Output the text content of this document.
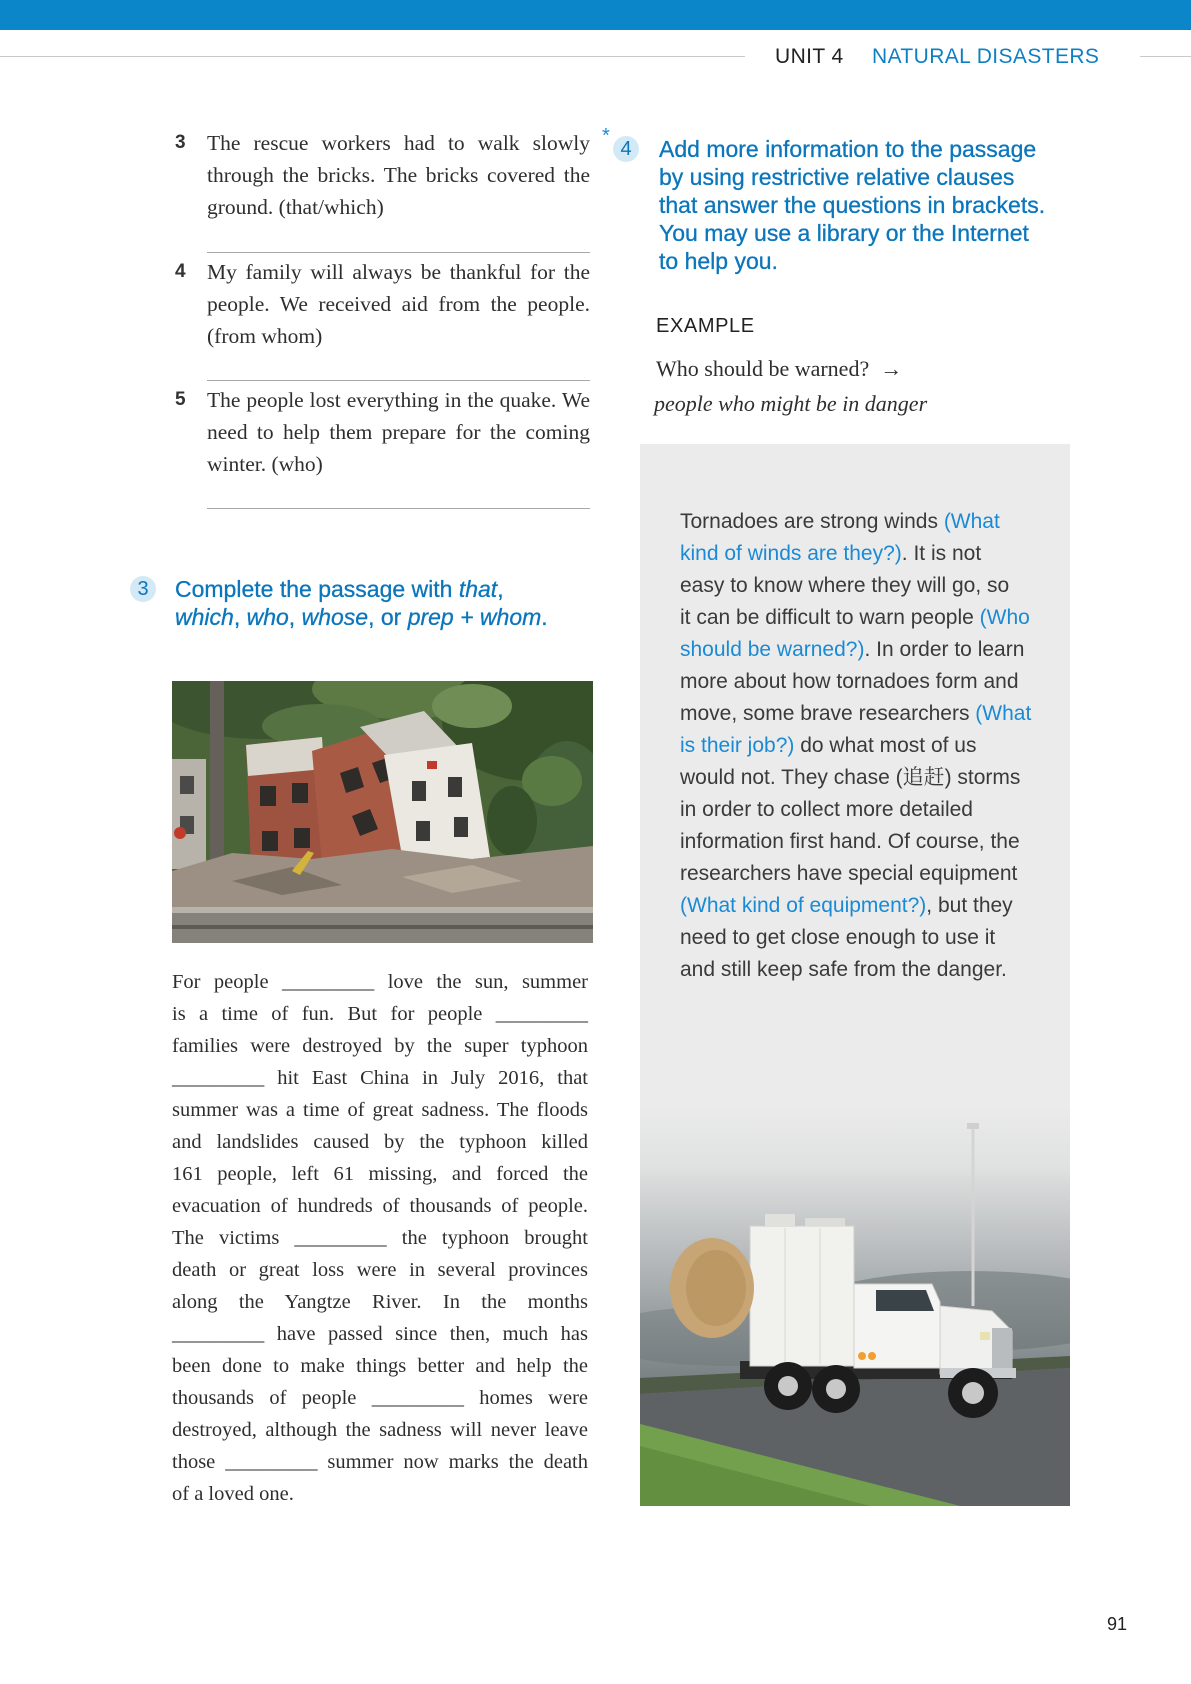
UNIT 4 NATURAL DISASTERS
3 The rescue workers had to walk slowly
through the bricks. The bricks covered the
ground. (that/which)
4 My family will always be thankful for the
people. We received aid from the people.
(from whom)
5 The people lost everything in the quake. We
need to help them prepare for the coming
winter. (who)
3	Complete the passage with that,
which, who, whose, or prep + whom.
For people _________ love the sun, summer
is a time of fun. But for people _________
families were destroyed by the super typhoon
_________ hit East China in July 2016, that
summer was a time of great sadness. The floods
and landslides caused by the typhoon killed
161 people, left 61 missing, and forced the
evacuation of hundreds of thousands of people.
The victims _________ the typhoon brought
death or great loss were in several provinces
along the Yangtze River. In the months
_________ have passed since then, much has
been done to make things better and help the
thousands of people _________ homes were
destroyed, although the sadness will never leave
those _________ summer now marks the death
of a loved one.
*
4	Add more information to the passage
by using restrictive relative clauses
that answer the questions in brackets.
You may use a library or the Internet
to help you.
EXAMPLE
Who should be warned? →
people who might be in danger
Tornadoes are strong winds (What
kind of winds are they?). It is not
easy to know where they will go, so
it can be difficult to warn people (Who
should be warned?). In order to learn
more about how tornadoes form and
move, some brave researchers (What
is their job?) do what most of us
would not. They chase (追赶) storms
in order to collect more detailed
information first hand. Of course, the
researchers have special equipment
(What kind of equipment?), but they
need to get close enough to use it
and still keep safe from the danger.
91
